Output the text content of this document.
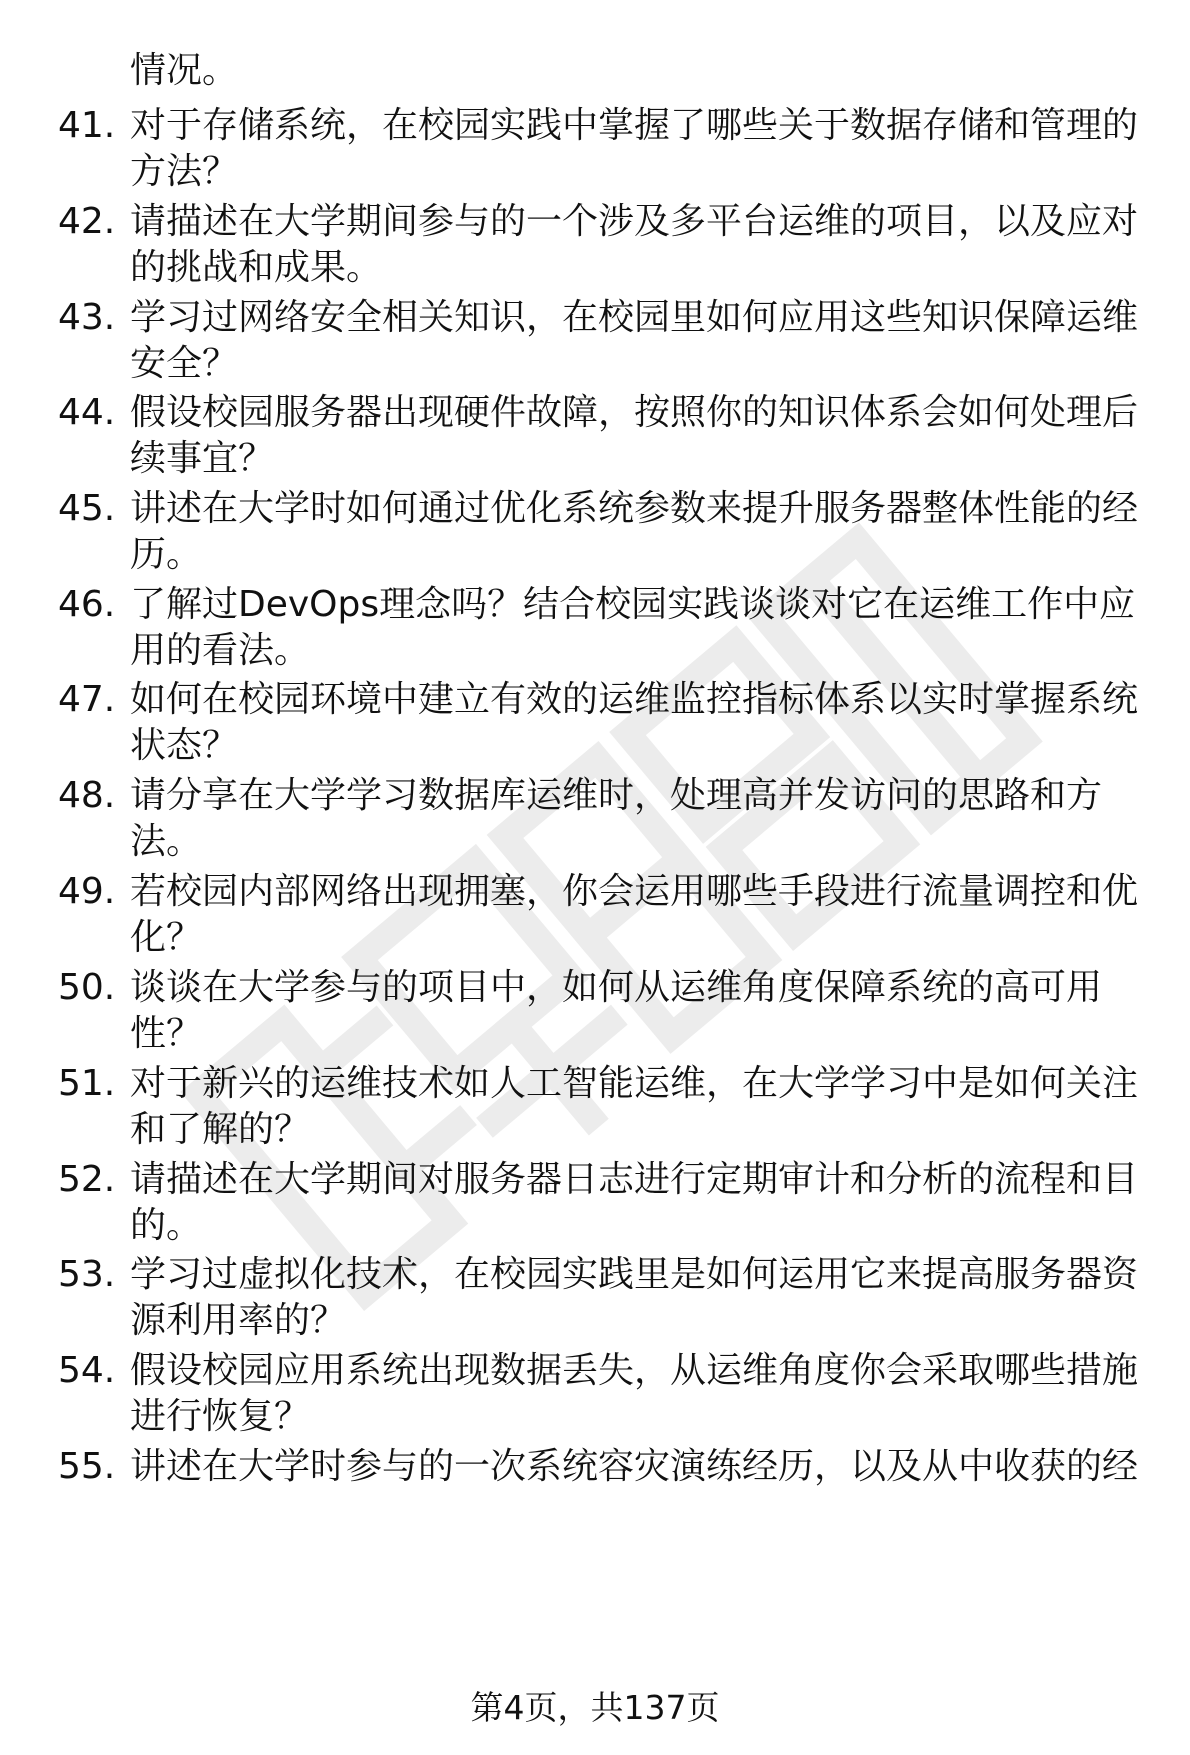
情况。
41. 对于存储系统，在校园实践中掌握了哪些关于数据存储和管理的
方法？
42. 请描述在大学期间参与的一个涉及多平台运维的项目，以及应对
的挑战和成果。
43. 学习过网络安全相关知识，在校园里如何应用这些知识保障运维
安全？
44. 假设校园服务器出现硬件故障，按照你的知识体系会如何处理后
续事宜？
45. 讲述在大学时如何通过优化系统参数来提升服务器整体性能的经
历。
46. 了解过DevOps理念吗？结合校园实践谈谈对它在运维工作中应
用的看法。
47. 如何在校园环境中建立有效的运维监控指标体系以实时掌握系统
状态？
48. 请分享在大学学习数据库运维时，处理高并发访问的思路和方
法。
49. 若校园内部网络出现拥塞，你会运用哪些手段进行流量调控和优
化？
50. 谈谈在大学参与的项目中，如何从运维角度保障系统的高可用
性？
51. 对于新兴的运维技术如人工智能运维，在大学学习中是如何关注
和了解的？
52. 请描述在大学期间对服务器日志进行定期审计和分析的流程和目
的。
53. 学习过虚拟化技术，在校园实践里是如何运用它来提高服务器资
源利用率的？
54. 假设校园应用系统出现数据丢失，从运维角度你会采取哪些措施
进行恢复？
55. 讲述在大学时参与的一次系统容灾演练经历，以及从中收获的经
第4页，共137页
